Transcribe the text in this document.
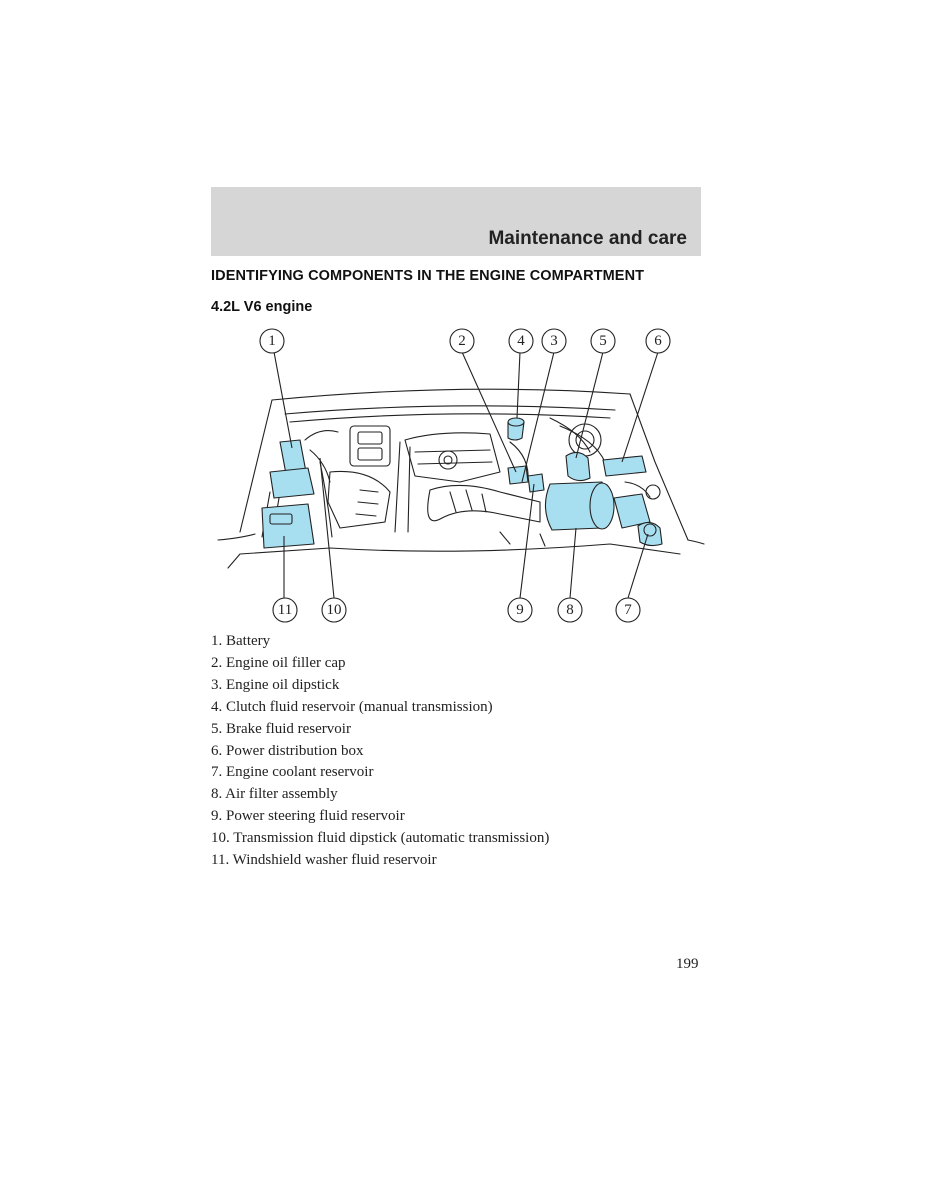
Maintenance and care
IDENTIFYING COMPONENTS IN THE ENGINE COMPARTMENT
4.2L V6 engine
1	2	4 3	5	6
11 10	9	8	7
1. Battery
2. Engine oil filler cap
3. Engine oil dipstick
4. Clutch fluid reservoir (manual transmission)
5. Brake fluid reservoir
6. Power distribution box
7. Engine coolant reservoir
8. Air filter assembly
9. Power steering fluid reservoir
10. Transmission fluid dipstick (automatic transmission)
11. Windshield washer fluid reservoir
199
